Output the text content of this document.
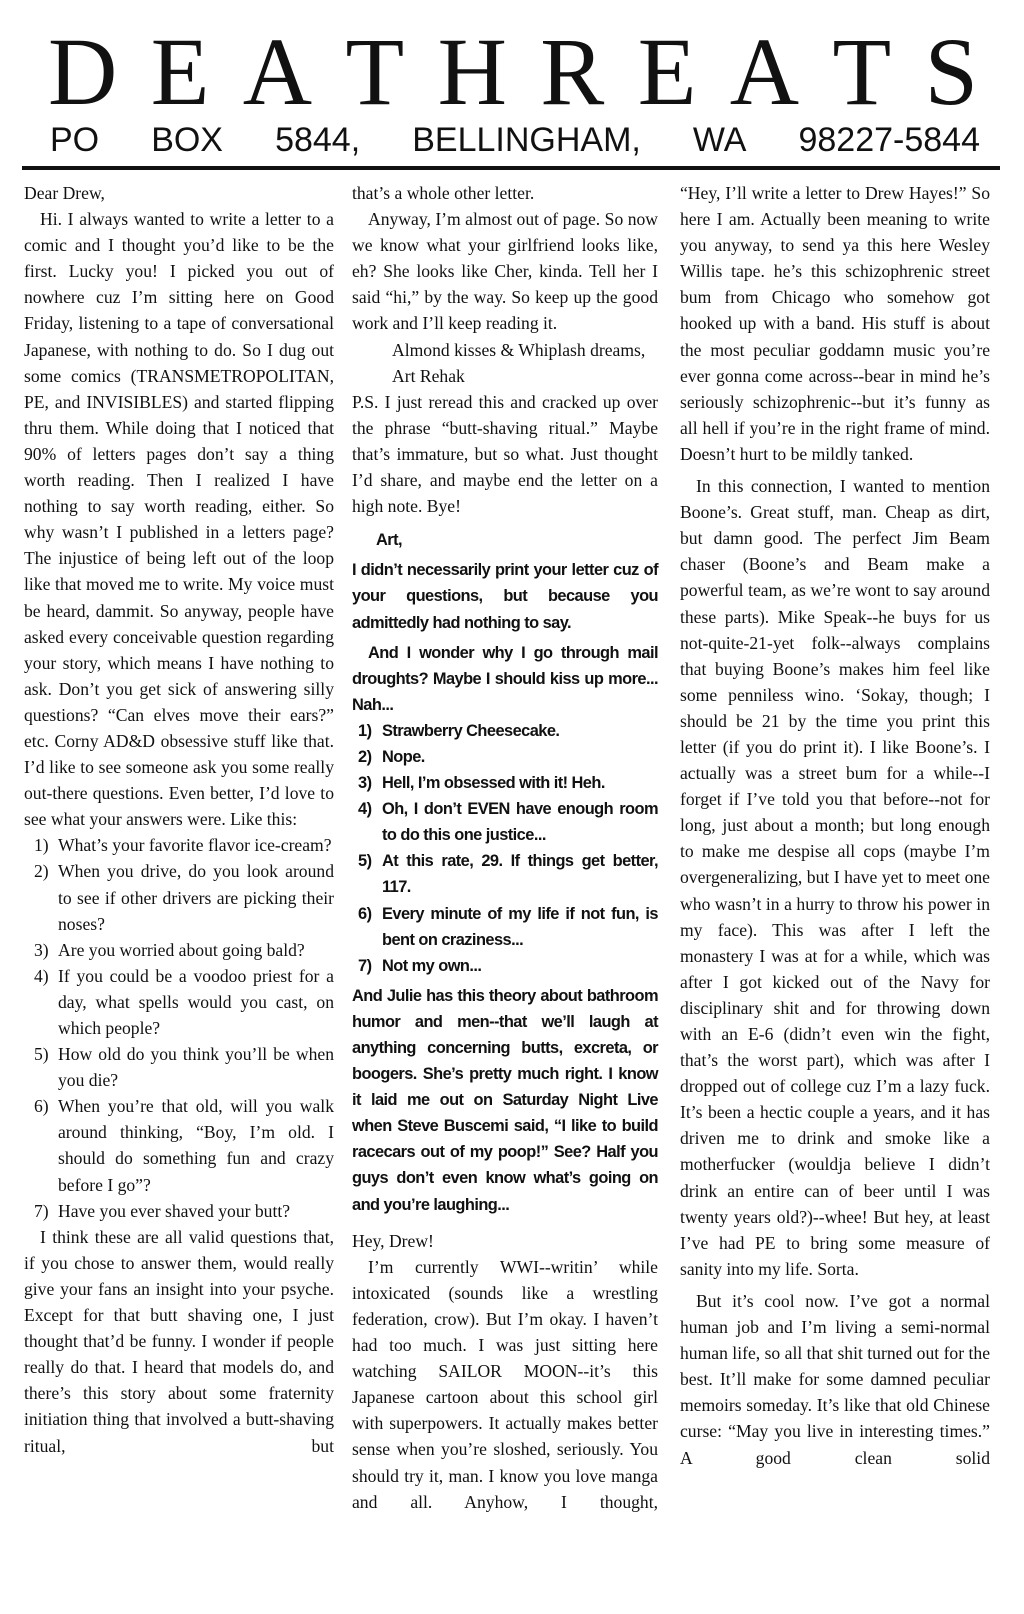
D E A T H R E A T S
PO BOX 5844, BELLINGHAM, WA 98227-5844

Dear Drew,

Hi. I always wanted to write a letter to a comic and I thought you’d like to be the first. Lucky you! I picked you out of nowhere cuz I’m sitting here on Good Friday, listening to a tape of conversational Japanese, with nothing to do. So I dug out some comics (TRANSMETROPOLITAN, PE, and INVISIBLES) and started flipping thru them. While doing that I noticed that 90% of letters pages don’t say a thing worth reading. Then I realized I have nothing to say worth reading, either. So why wasn’t I published in a letters page? The injustice of being left out of the loop like that moved me to write. My voice must be heard, dammit. So anyway, people have asked every conceivable question regarding your story, which means I have nothing to ask. Don’t you get sick of answering silly questions? “Can elves move their ears?” etc. Corny AD&D obsessive stuff like that. I’d like to see someone ask you some really out-there questions. Even better, I’d love to see what your answers were. Like this:

1) What’s your favorite flavor ice-cream?
2) When you drive, do you look around to see if other drivers are picking their noses?
3) Are you worried about going bald?
4) If you could be a voodoo priest for a day, what spells would you cast, on which people?
5) How old do you think you’ll be when you die?
6) When you’re that old, will you walk around thinking, “Boy, I’m old. I should do something fun and crazy before I go”?
7) Have you ever shaved your butt?

I think these are all valid questions that, if you chose to answer them, would really give your fans an insight into your psyche. Except for that butt shaving one, I just thought that’d be funny. I wonder if people really do that. I heard that models do, and there’s this story about some fraternity initiation thing that involved a butt-shaving ritual, but

that’s a whole other letter.

Anyway, I’m almost out of page. So now we know what your girlfriend looks like, eh? She looks like Cher, kinda. Tell her I said “hi,” by the way. So keep up the good work and I’ll keep reading it.

Almond kisses & Whiplash dreams,

Art Rehak

P.S. I just reread this and cracked up over the phrase “butt-shaving ritual.” Maybe that’s immature, but so what. Just thought I’d share, and maybe end the letter on a high note. Bye!

Art,

I didn’t necessarily print your letter cuz of your questions, but because you admittedly had nothing to say.

And I wonder why I go through mail droughts? Maybe I should kiss up more... Nah...

1) Strawberry Cheesecake.
2) Nope.
3) Hell, I’m obsessed with it! Heh.
4) Oh, I don’t EVEN have enough room to do this one justice...
5) At this rate, 29. If things get better, 117.
6) Every minute of my life if not fun, is bent on craziness...
7) Not my own...

And Julie has this theory about bathroom humor and men--that we’ll laugh at anything concerning butts, excreta, or boogers. She’s pretty much right. I know it laid me out on Saturday Night Live when Steve Buscemi said, “I like to build racecars out of my poop!” See? Half you guys don’t even know what’s going on and you’re laughing...

Hey, Drew!

I’m currently WWI--writin’ while intoxicated (sounds like a wrestling federation, crow). But I’m okay. I haven’t had too much. I was just sitting here watching SAILOR MOON--it’s this Japanese cartoon about this school girl with superpowers. It actually makes better sense when you’re sloshed, seriously. You should try it, man. I know you love manga and all. Anyhow, I thought,

“Hey, I’ll write a letter to Drew Hayes!” So here I am. Actually been meaning to write you anyway, to send ya this here Wesley Willis tape. he’s this schizophrenic street bum from Chicago who somehow got hooked up with a band. His stuff is about the most peculiar goddamn music you’re ever gonna come across--bear in mind he’s seriously schizophrenic--but it’s funny as all hell if you’re in the right frame of mind. Doesn’t hurt to be mildly tanked.

In this connection, I wanted to mention Boone’s. Great stuff, man. Cheap as dirt, but damn good. The perfect Jim Beam chaser (Boone’s and Beam make a powerful team, as we’re wont to say around these parts). Mike Speak--he buys for us not-quite-21-yet folk--always complains that buying Boone’s makes him feel like some penniless wino. ‘Sokay, though; I should be 21 by the time you print this letter (if you do print it). I like Boone’s. I actually was a street bum for a while--I forget if I’ve told you that before--not for long, just about a month; but long enough to make me despise all cops (maybe I’m overgeneralizing, but I have yet to meet one who wasn’t in a hurry to throw his power in my face). This was after I left the monastery I was at for a while, which was after I got kicked out of the Navy for disciplinary shit and for throwing down with an E-6 (didn’t even win the fight, that’s the worst part), which was after I dropped out of college cuz I’m a lazy fuck. It’s been a hectic couple a years, and it has driven me to drink and smoke like a motherfucker (wouldja believe I didn’t drink an entire can of beer until I was twenty years old?)--whee! But hey, at least I’ve had PE to bring some measure of sanity into my life. Sorta.

But it’s cool now. I’ve got a normal human job and I’m living a semi-normal human life, so all that shit turned out for the best. It’ll make for some damned peculiar memoirs someday. It’s like that old Chinese curse: “May you live in interesting times.” A good clean solid
